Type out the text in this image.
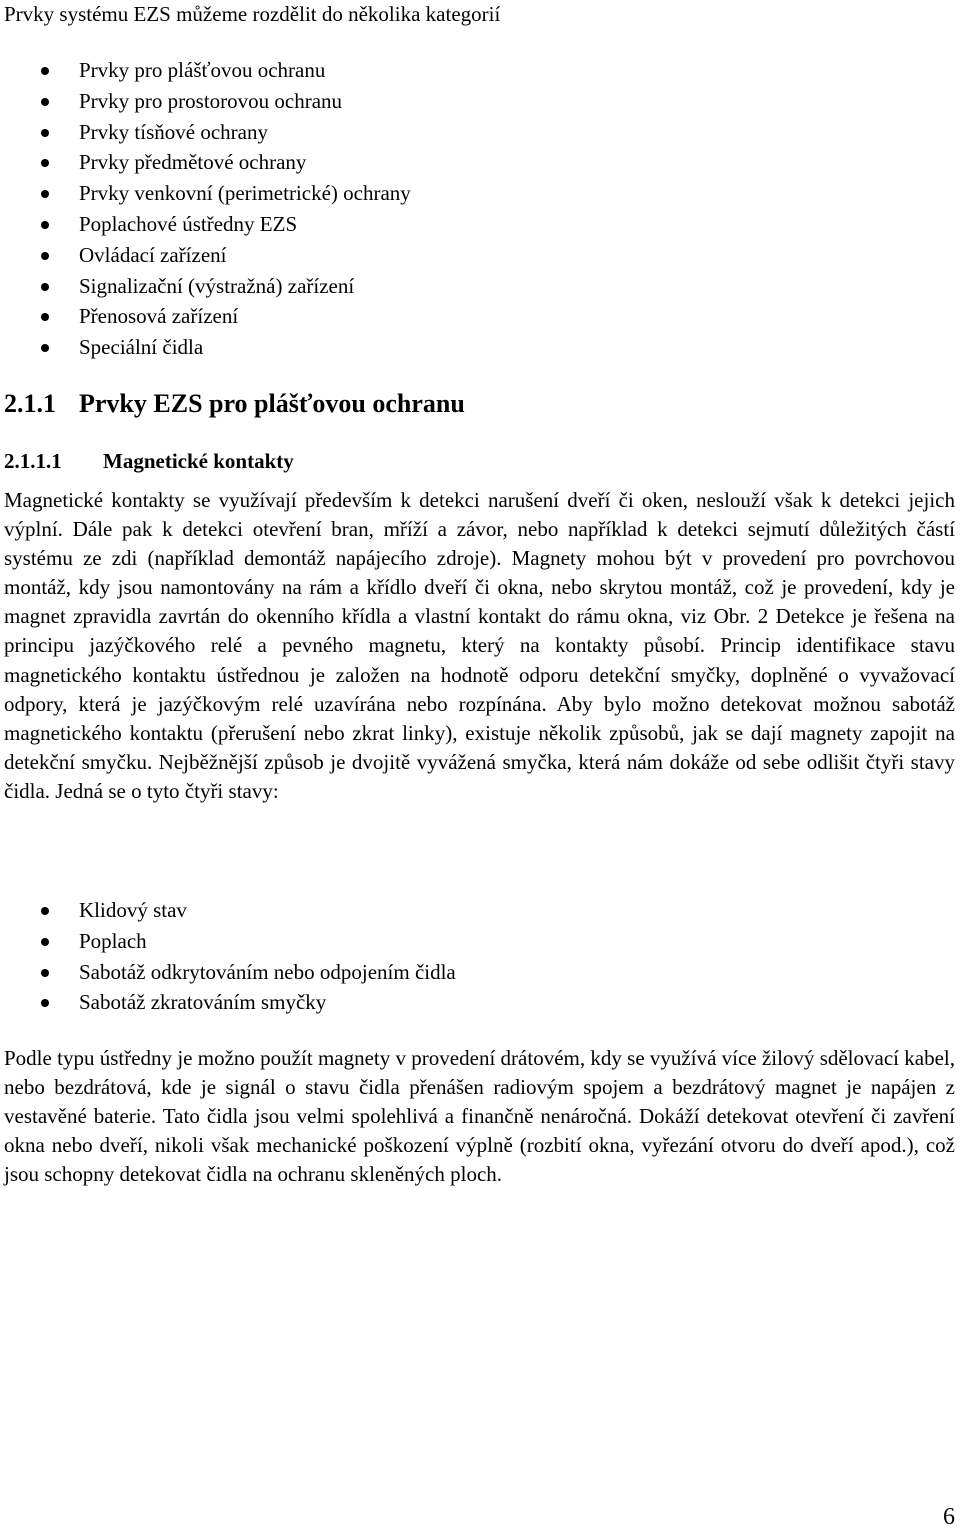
Prvky systému EZS můžeme rozdělit do několika kategorií

Prvky pro plášťovou ochranu
Prvky pro prostorovou ochranu
Prvky tísňové ochrany
Prvky předmětové ochrany
Prvky venkovní (perimetrické) ochrany
Poplachové ústředny EZS
Ovládací zařízení
Signalizační (výstražná) zařízení
Přenosová zařízení
Speciální čidla
2.1.1 Prvky EZS pro plášťovou ochranu
2.1.1.1 Magnetické kontakty

Magnetické kontakty se využívají především k detekci narušení dveří či oken, neslouží však k detekci jejich výplní. Dále pak k detekci otevření bran, mříží a závor, nebo například k detekci sejmutí důležitých částí systému ze zdi (například demontáž napájecího zdroje). Magnety mohou být v provedení pro povrchovou montáž, kdy jsou namontovány na rám a křídlo dveří či okna, nebo skrytou montáž, což je provedení, kdy je magnet zpravidla zavrtán do okenního křídla a vlastní kontakt do rámu okna, viz Obr. 2 Detekce je řešena na principu jazýčkového relé a pevného magnetu, který na kontakty působí. Princip identifikace stavu magnetického kontaktu ústřednou je založen na hodnotě odporu detekční smyčky, doplněné o vyvažovací odpory, která je jazýčkovým relé uzavírána nebo rozpínána. Aby bylo možno detekovat možnou sabotáž magnetického kontaktu (přerušení nebo zkrat linky), existuje několik způsobů, jak se dají magnety zapojit na detekční smyčku. Nejběžnější způsob je dvojitě vyvážená smyčka, která nám dokáže od sebe odlišit čtyři stavy čidla. Jedná se o tyto čtyři stavy:

Klidový stav
Poplach
Sabotáž odkrytováním nebo odpojením čidla
Sabotáž zkratováním smyčky

Podle typu ústředny je možno použít magnety v provedení drátovém, kdy se využívá více žilový sdělovací kabel, nebo bezdrátová, kde je signál o stavu čidla přenášen radiovým spojem a bezdrátový magnet je napájen z vestavěné baterie. Tato čidla jsou velmi spolehlivá a finančně nenáročná. Dokáží detekovat otevření či zavření okna nebo dveří, nikoli však mechanické poškození výplně (rozbití okna, vyřezání otvoru do dveří apod.), což jsou schopny detekovat čidla na ochranu skleněných ploch.

6
